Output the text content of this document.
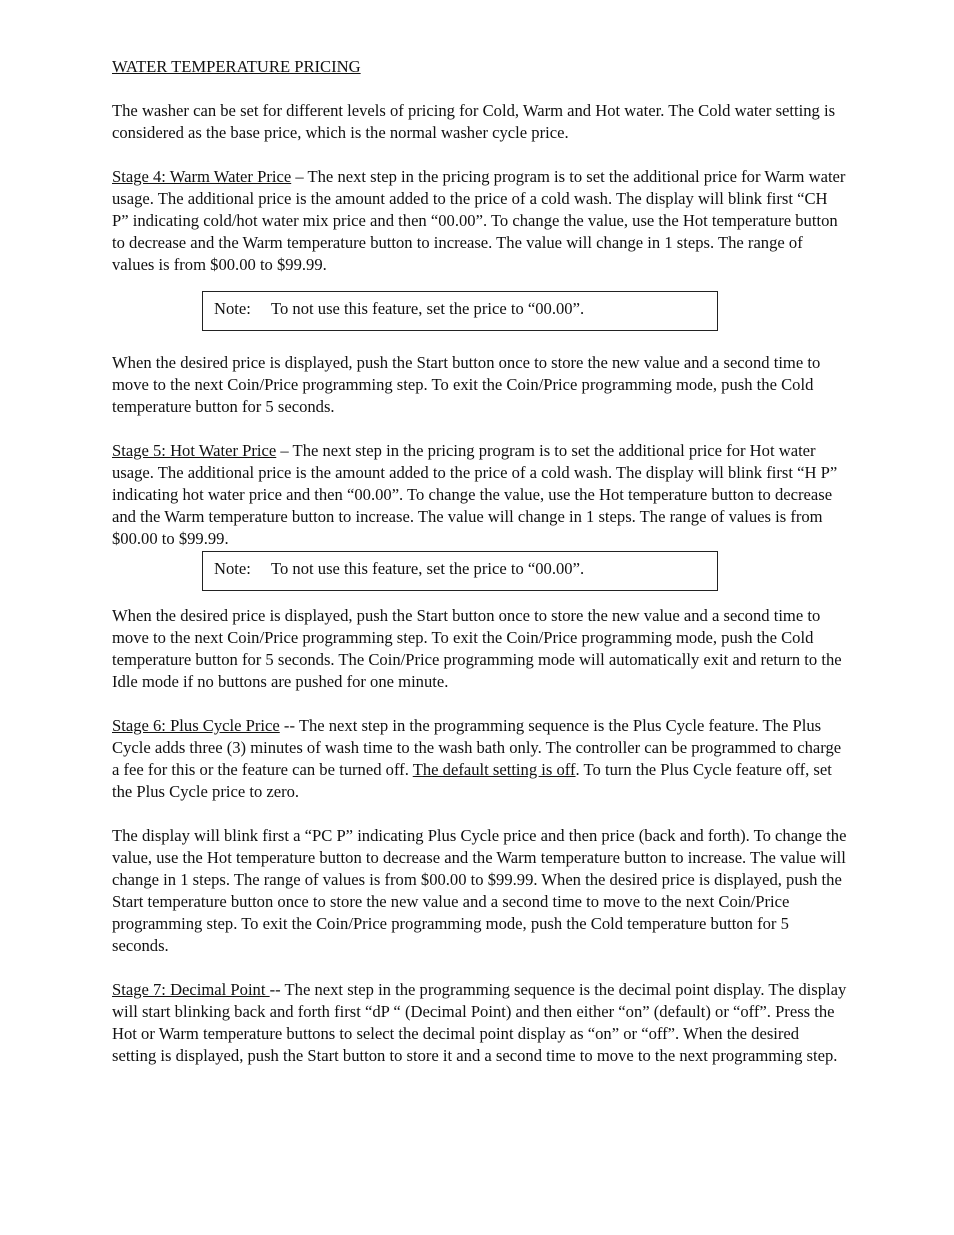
WATER TEMPERATURE PRICING

The washer can be set for different levels of pricing for Cold, Warm and Hot water. The Cold water setting is considered as the base price, which is the normal washer cycle price.

Stage 4: Warm Water Price – The next step in the pricing program is to set the additional price for Warm water usage. The additional price is the amount added to the price of a cold wash. The display will blink first “CH P” indicating cold/hot water mix price and then “00.00”. To change the value, use the Hot temperature button to decrease and the Warm temperature button to increase. The value will change in 1 steps. The range of values is from $00.00 to $99.99.

Note: To not use this feature, set the price to “00.00”.

When the desired price is displayed, push the Start button once to store the new value and a second time to move to the next Coin/Price programming step. To exit the Coin/Price programming mode, push the Cold temperature button for 5 seconds.

Stage 5: Hot Water Price – The next step in the pricing program is to set the additional price for Hot water usage. The additional price is the amount added to the price of a cold wash. The display will blink first “H P” indicating hot water price and then “00.00”. To change the value, use the Hot temperature button to decrease and the Warm temperature button to increase. The value will change in 1 steps. The range of values is from $00.00 to $99.99.

Note: To not use this feature, set the price to “00.00”.

When the desired price is displayed, push the Start button once to store the new value and a second time to move to the next Coin/Price programming step. To exit the Coin/Price programming mode, push the Cold temperature button for 5 seconds. The Coin/Price programming mode will automatically exit and return to the Idle mode if no buttons are pushed for one minute.

Stage 6: Plus Cycle Price -- The next step in the programming sequence is the Plus Cycle feature. The Plus Cycle adds three (3) minutes of wash time to the wash bath only. The controller can be programmed to charge a fee for this or the feature can be turned off. The default setting is off. To turn the Plus Cycle feature off, set the Plus Cycle price to zero.

The display will blink first a “PC P” indicating Plus Cycle price and then price (back and forth). To change the value, use the Hot temperature button to decrease and the Warm temperature button to increase. The value will change in 1 steps. The range of values is from $00.00 to $99.99. When the desired price is displayed, push the Start temperature button once to store the new value and a second time to move to the next Coin/Price programming step. To exit the Coin/Price programming mode, push the Cold temperature button for 5 seconds.

Stage 7: Decimal Point -- The next step in the programming sequence is the decimal point display. The display will start blinking back and forth first “dP “ (Decimal Point) and then either “on” (default) or “off”. Press the Hot or Warm temperature buttons to select the decimal point display as “on” or “off”. When the desired setting is displayed, push the Start button to store it and a second time to move to the next programming step.
